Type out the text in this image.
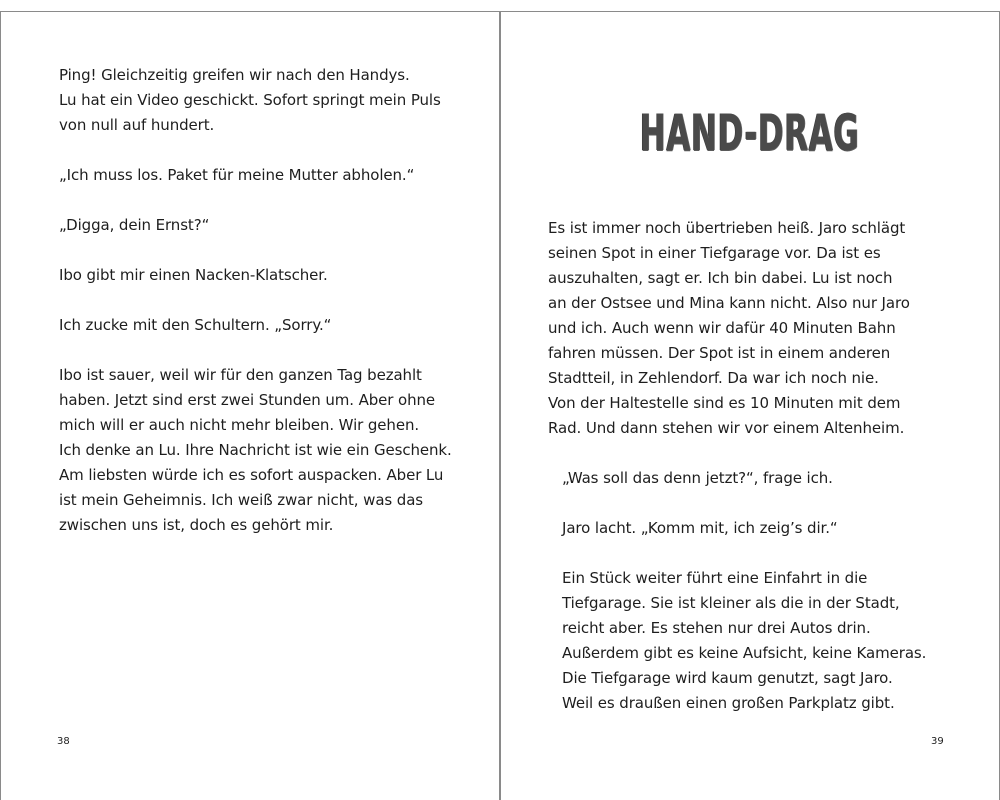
Ping! Gleichzeitig greifen wir nach den Handys.
Lu hat ein Video geschickt. Sofort springt mein Puls
von null auf hundert.

„Ich muss los. Paket für meine Mutter abholen.“

„Digga, dein Ernst?“

Ibo gibt mir einen Nacken-Klatscher.

Ich zucke mit den Schultern. „Sorry.“

Ibo ist sauer, weil wir für den ganzen Tag bezahlt
haben. Jetzt sind erst zwei Stunden um. Aber ohne
mich will er auch nicht mehr bleiben. Wir gehen.
Ich denke an Lu. Ihre Nachricht ist wie ein Geschenk.
Am liebsten würde ich es sofort auspacken. Aber Lu
ist mein Geheimnis. Ich weiß zwar nicht, was das
zwischen uns ist, doch es gehört mir.

38
HAND-DRAG

Es ist immer noch übertrieben heiß. Jaro schlägt
seinen Spot in einer Tiefgarage vor. Da ist es
auszuhalten, sagt er. Ich bin dabei. Lu ist noch
an der Ostsee und Mina kann nicht. Also nur Jaro
und ich. Auch wenn wir dafür 40 Minuten Bahn
fahren müssen. Der Spot ist in einem anderen
Stadtteil, in Zehlendorf. Da war ich noch nie.
Von der Haltestelle sind es 10 Minuten mit dem
Rad. Und dann stehen wir vor einem Altenheim.

„Was soll das denn jetzt?“, frage ich.

Jaro lacht. „Komm mit, ich zeig’s dir.“

Ein Stück weiter führt eine Einfahrt in die
Tiefgarage. Sie ist kleiner als die in der Stadt,
reicht aber. Es stehen nur drei Autos drin.
Außerdem gibt es keine Aufsicht, keine Kameras.
Die Tiefgarage wird kaum genutzt, sagt Jaro.
Weil es draußen einen großen Parkplatz gibt.

39
